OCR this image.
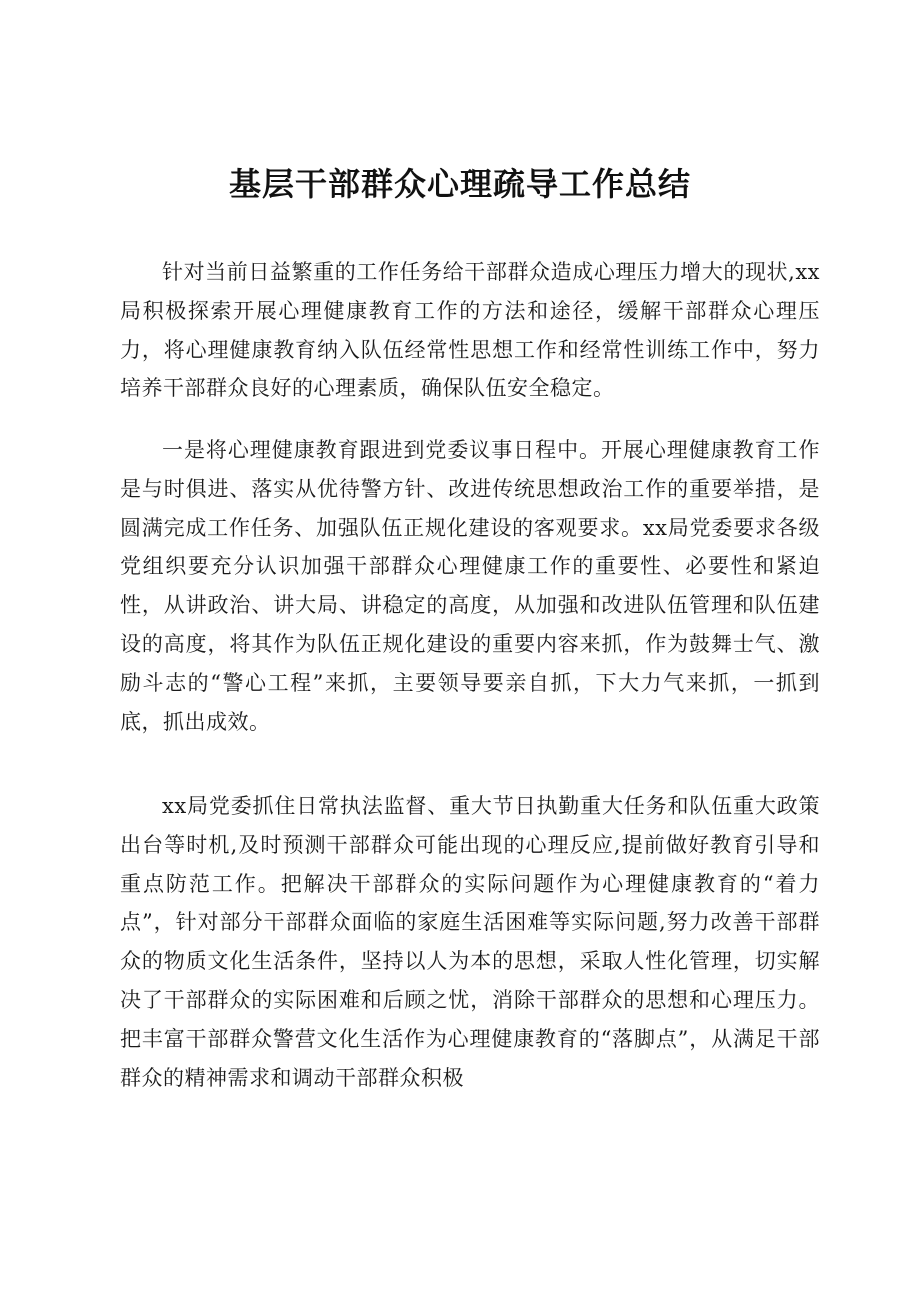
基层干部群众心理疏导工作总结

针对当前日益繁重的工作任务给干部群众造成心理压力增大的现状,xx局积极探索开展心理健康教育工作的方法和途径，缓解干部群众心理压力，将心理健康教育纳入队伍经常性思想工作和经常性训练工作中，努力培养干部群众良好的心理素质，确保队伍安全稳定。

一是将心理健康教育跟进到党委议事日程中。开展心理健康教育工作是与时俱进、落实从优待警方针、改进传统思想政治工作的重要举措，是圆满完成工作任务、加强队伍正规化建设的客观要求。xx局党委要求各级党组织要充分认识加强干部群众心理健康工作的重要性、必要性和紧迫性，从讲政治、讲大局、讲稳定的高度，从加强和改进队伍管理和队伍建设的高度，将其作为队伍正规化建设的重要内容来抓，作为鼓舞士气、激励斗志的“警心工程”来抓，主要领导要亲自抓，下大力气来抓，一抓到底，抓出成效。

xx局党委抓住日常执法监督、重大节日执勤重大任务和队伍重大政策出台等时机,及时预测干部群众可能出现的心理反应,提前做好教育引导和重点防范工作。把解决干部群众的实际问题作为心理健康教育的“着力点”，针对部分干部群众面临的家庭生活困难等实际问题,努力改善干部群众的物质文化生活条件，坚持以人为本的思想，采取人性化管理，切实解决了干部群众的实际困难和后顾之忧，消除干部群众的思想和心理压力。把丰富干部群众警营文化生活作为心理健康教育的“落脚点”，从满足干部群众的精神需求和调动干部群众积极
